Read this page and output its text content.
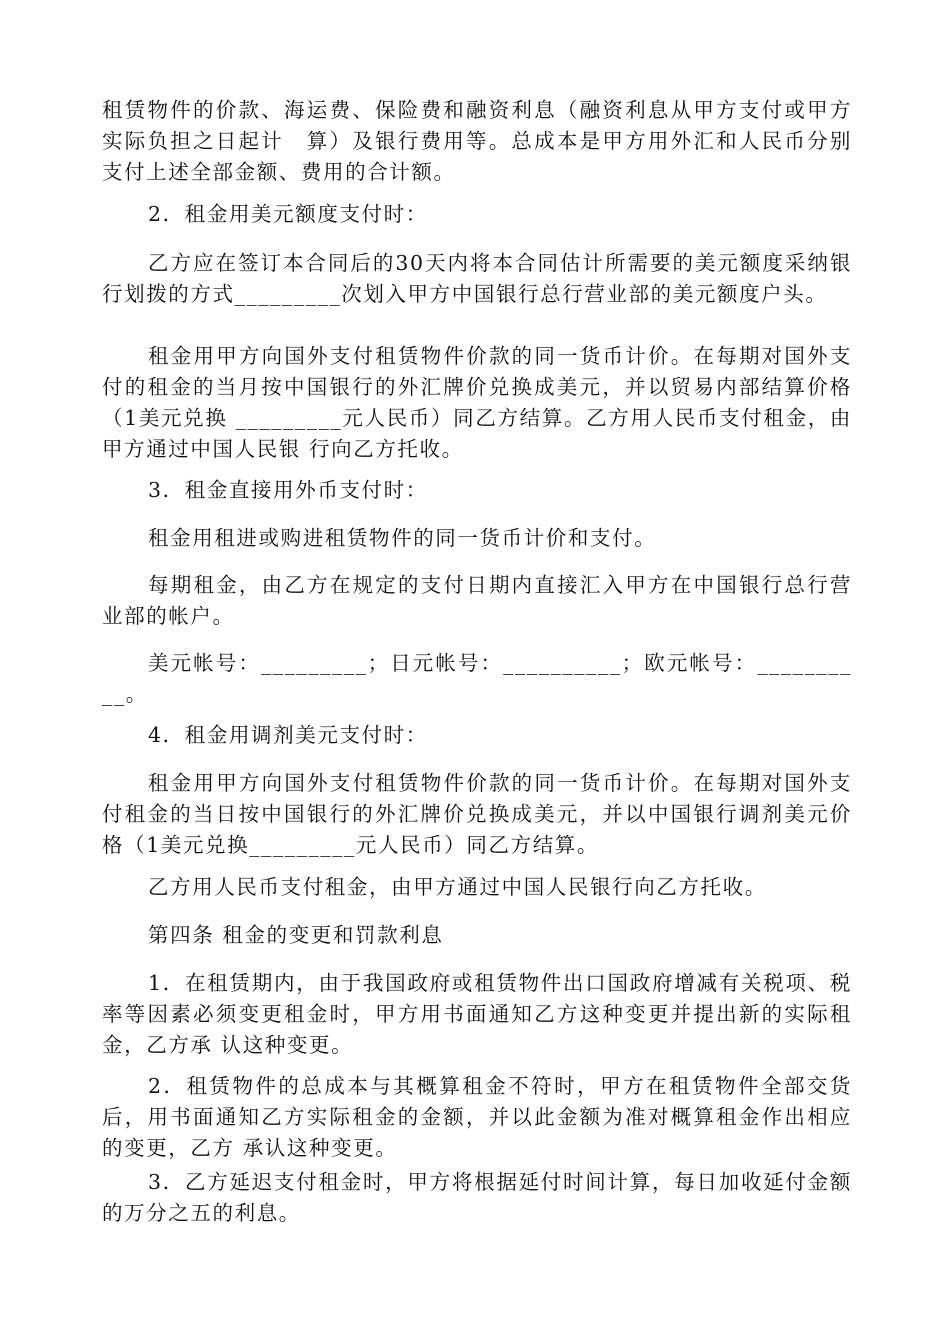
租赁物件的价款、海运费、保险费和融资利息（融资利息从甲方支付或甲方实际负担之日起计　算）及银行费用等。总成本是甲方用外汇和人民币分别支付上述全部金额、费用的合计额。

2．租金用美元额度支付时：

乙方应在签订本合同后的30天内将本合同估计所需要的美元额度采纳银行划拨的方式_________次划入甲方中国银行总行营业部的美元额度户头。

租金用甲方向国外支付租赁物件价款的同一货币计价。在每期对国外支付的租金的当月按中国银行的外汇牌价兑换成美元，并以贸易内部结算价格（1美元兑换 _________元人民币）同乙方结算。乙方用人民币支付租金，由甲方通过中国人民银 行向乙方托收。

3．租金直接用外币支付时：

租金用租进或购进租赁物件的同一货币计价和支付。

每期租金，由乙方在规定的支付日期内直接汇入甲方在中国银行总行营业部的帐户。

美元帐号：_________；日元帐号：__________；欧元帐号：__________。

4．租金用调剂美元支付时：

租金用甲方向国外支付租赁物件价款的同一货币计价。在每期对国外支付租金的当日按中国银行的外汇牌价兑换成美元，并以中国银行调剂美元价格（1美元兑换_________元人民币）同乙方结算。

乙方用人民币支付租金，由甲方通过中国人民银行向乙方托收。

第四条 租金的变更和罚款利息

1．在租赁期内，由于我国政府或租赁物件出口国政府增减有关税项、税率等因素必须变更租金时，甲方用书面通知乙方这种变更并提出新的实际租金，乙方承 认这种变更。

2．租赁物件的总成本与其概算租金不符时，甲方在租赁物件全部交货后，用书面通知乙方实际租金的金额，并以此金额为准对概算租金作出相应的变更，乙方 承认这种变更。

3．乙方延迟支付租金时，甲方将根据延付时间计算，每日加收延付金额的万分之五的利息。
